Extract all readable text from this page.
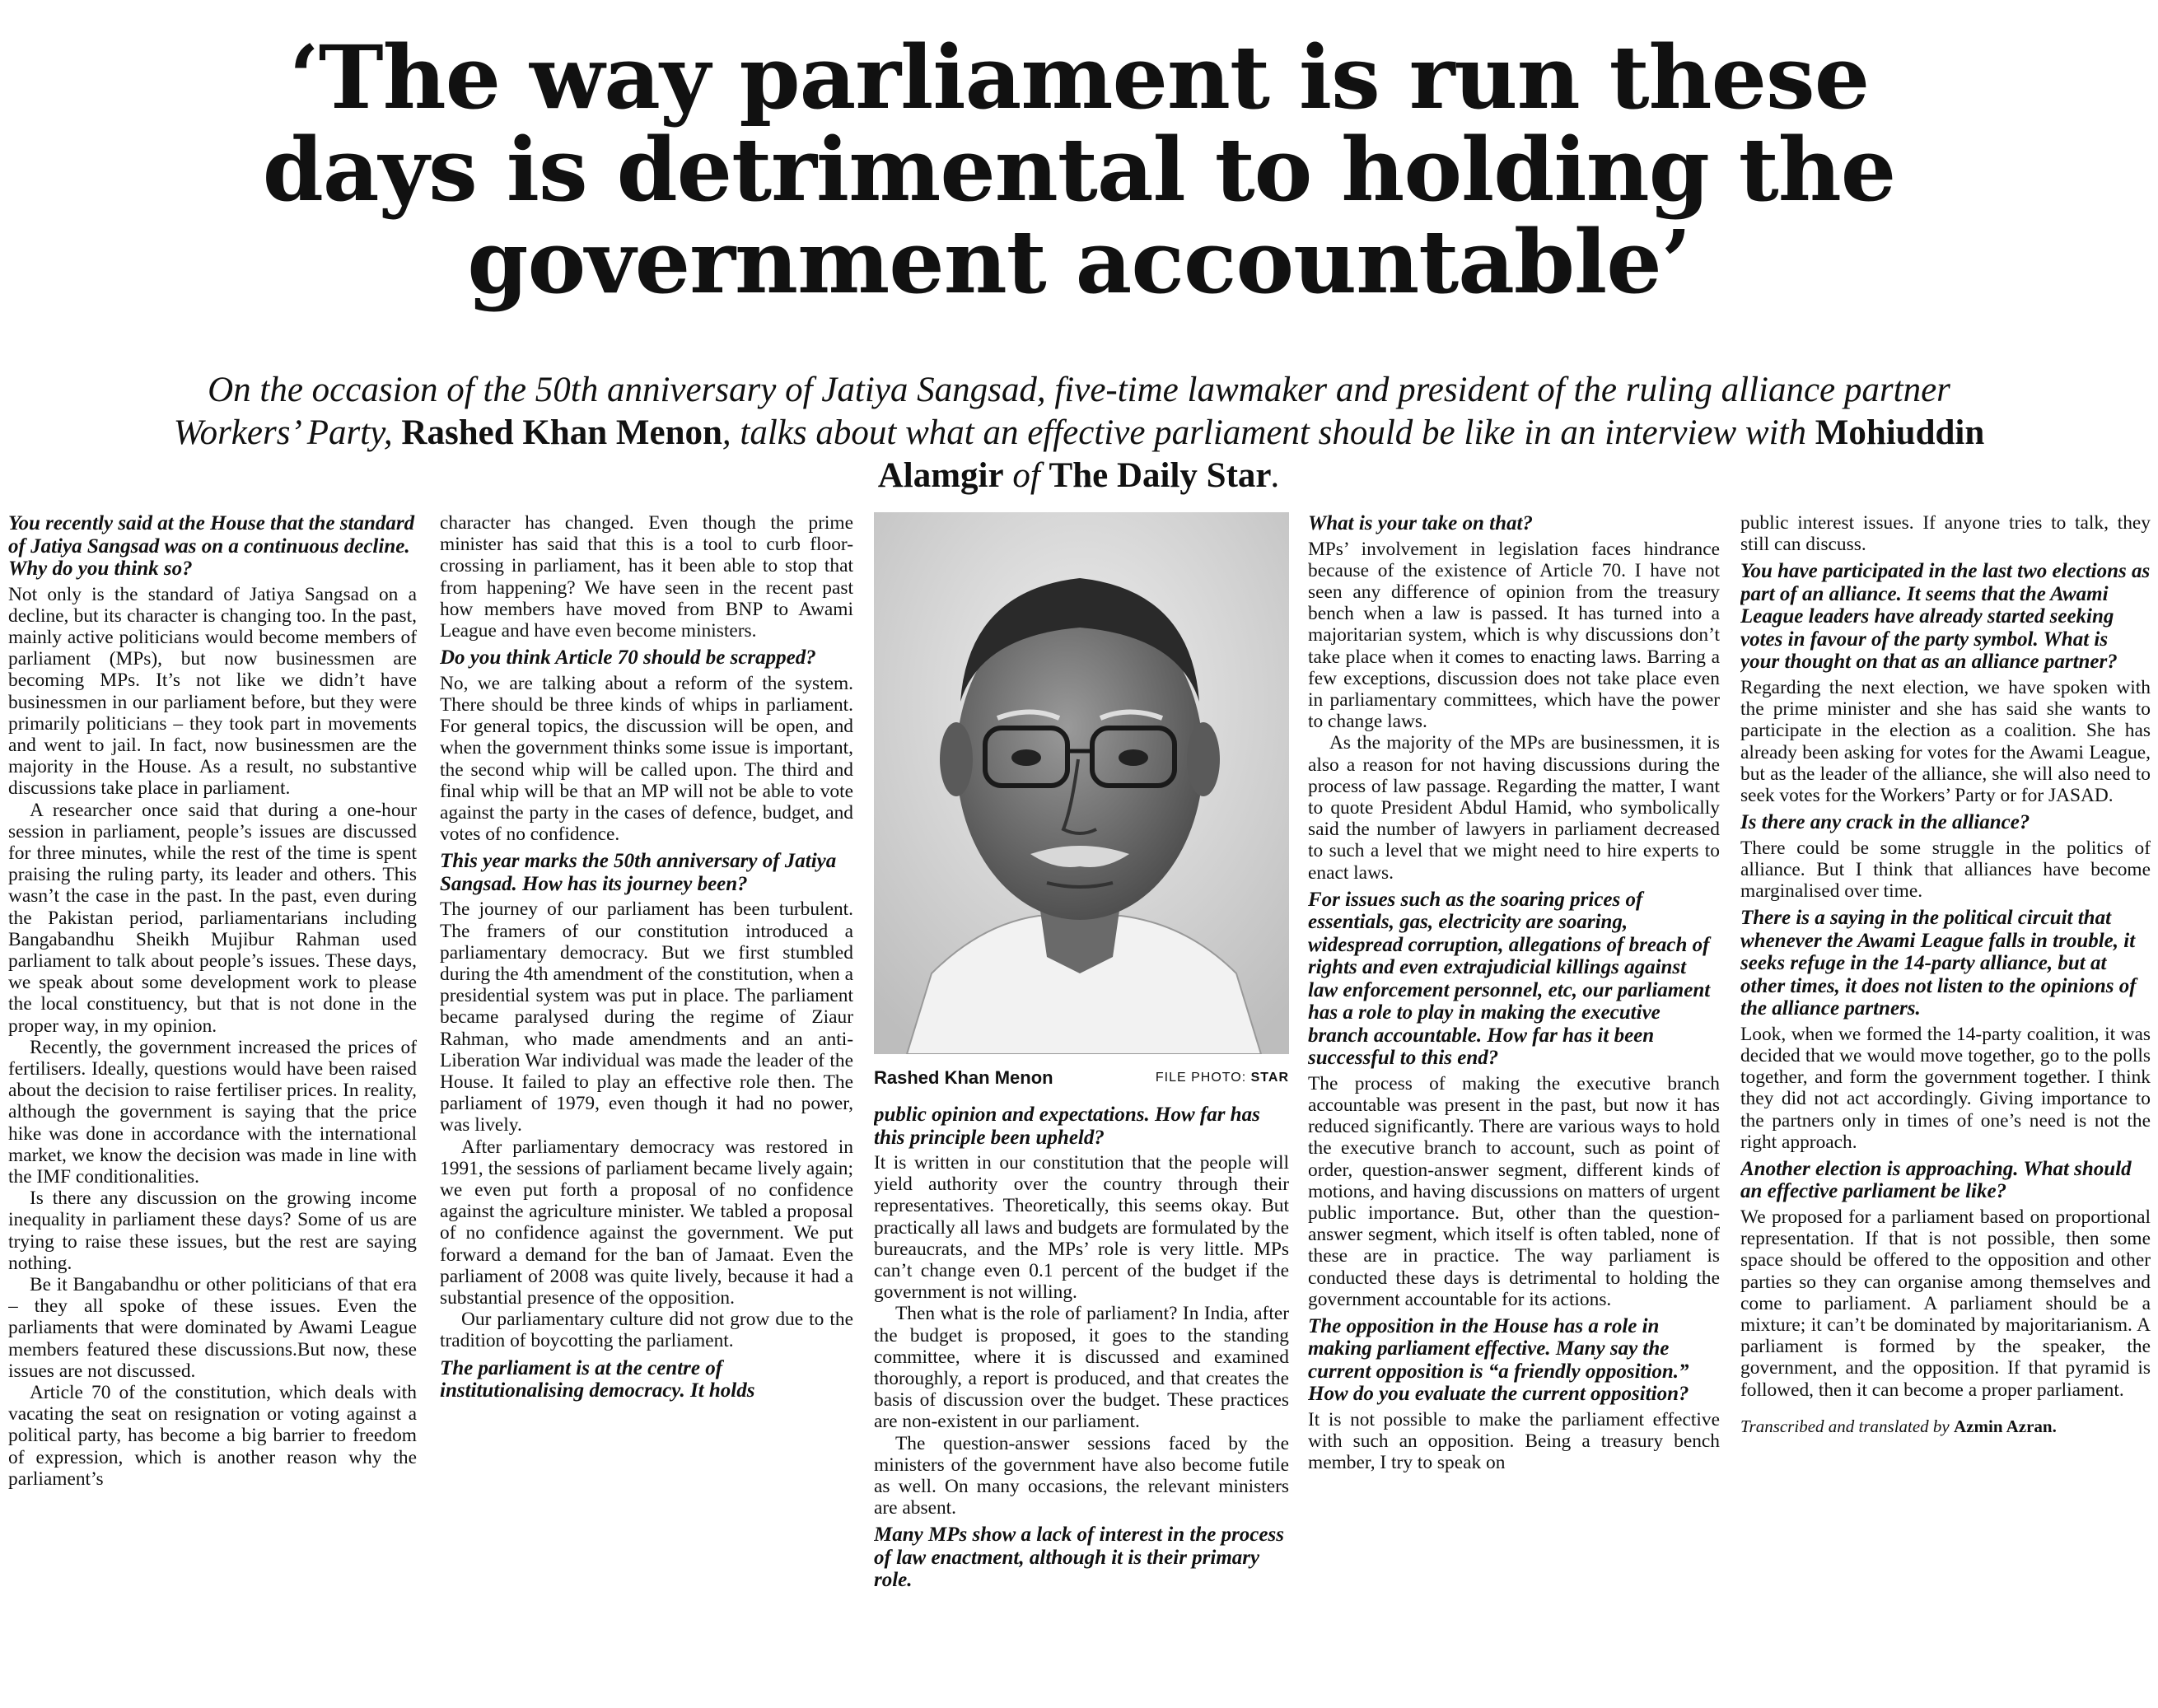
‘The way parliament is run these
days is detrimental to holding the
government accountable’
On the occasion of the 50th anniversary of Jatiya Sangsad, five-time lawmaker and president of the ruling alliance partner Workers’ Party, Rashed Khan Menon, talks about what an effective parliament should be like in an interview with Mohiuddin Alamgir of The Daily Star.
You recently said at the House that the standard of Jatiya Sangsad was on a continuous decline. Why do you think so?

Not only is the standard of Jatiya Sangsad on a decline, but its character is changing too. In the past, mainly active politicians would become members of parliament (MPs), but now businessmen are becoming MPs. It’s not like we didn’t have businessmen in our parliament before, but they were primarily politicians – they took part in movements and went to jail. In fact, now businessmen are the majority in the House. As a result, no substantive discussions take place in parliament.

A researcher once said that during a one-hour session in parliament, people’s issues are discussed for three minutes, while the rest of the time is spent praising the ruling party, its leader and others. This wasn’t the case in the past. In the past, even during the Pakistan period, parliamentarians including Bangabandhu Sheikh Mujibur Rahman used parliament to talk about people’s issues. These days, we speak about some development work to please the local constituency, but that is not done in the proper way, in my opinion.

Recently, the government increased the prices of fertilisers. Ideally, questions would have been raised about the decision to raise fertiliser prices. In reality, although the government is saying that the price hike was done in accordance with the international market, we know the decision was made in line with the IMF conditionalities.

Is there any discussion on the growing income inequality in parliament these days? Some of us are trying to raise these issues, but the rest are saying nothing.

Be it Bangabandhu or other politicians of that era – they all spoke of these issues. Even the parliaments that were dominated by Awami League members featured these discussions.But now, these issues are not discussed.

Article 70 of the constitution, which deals with vacating the seat on resignation or voting against a political party, has become a big barrier to freedom of expression, which is another reason why the parliament’s

character has changed. Even though the prime minister has said that this is a tool to curb floor-crossing in parliament, has it been able to stop that from happening? We have seen in the recent past how members have moved from BNP to Awami League and have even become ministers.

Do you think Article 70 should be scrapped?

No, we are talking about a reform of the system. There should be three kinds of whips in parliament. For general topics, the discussion will be open, and when the government thinks some issue is important, the second whip will be called upon. The third and final whip will be that an MP will not be able to vote against the party in the cases of defence, budget, and votes of no confidence.

This year marks the 50th anniversary of Jatiya Sangsad. How has its journey been?

The journey of our parliament has been turbulent. The framers of our constitution introduced a parliamentary democracy. But we first stumbled during the 4th amendment of the constitution, when a presidential system was put in place. The parliament became paralysed during the regime of Ziaur Rahman, who made amendments and an anti-Liberation War individual was made the leader of the House. It failed to play an effective role then. The parliament of 1979, even though it had no power, was lively.

After parliamentary democracy was restored in 1991, the sessions of parliament became lively again; we even put forth a proposal of no confidence against the agriculture minister. We tabled a proposal of no confidence against the government. We put forward a demand for the ban of Jamaat. Even the parliament of 2008 was quite lively, because it had a substantial presence of the opposition.

Our parliamentary culture did not grow due to the tradition of boycotting the parliament.

The parliament is at the centre of institutionalising democracy. It holds
Rashed Khan Menon	FILE PHOTO: STAR
public opinion and expectations. How far has this principle been upheld?

It is written in our constitution that the people will yield authority over the country through their representatives. Theoretically, this seems okay. But practically all laws and budgets are formulated by the bureaucrats, and the MPs’ role is very little. MPs can’t change even 0.1 percent of the budget if the government is not willing.

Then what is the role of parliament? In India, after the budget is proposed, it goes to the standing committee, where it is discussed and examined thoroughly, a report is produced, and that creates the basis of discussion over the budget. These practices are non-existent in our parliament.

The question-answer sessions faced by the ministers of the government have also become futile as well. On many occasions, the relevant ministers are absent.

Many MPs show a lack of interest in the process of law enactment, although it is their primary role.
What is your take on that?

MPs’ involvement in legislation faces hindrance because of the existence of Article 70. I have not seen any difference of opinion from the treasury bench when a law is passed. It has turned into a majoritarian system, which is why discussions don’t take place when it comes to enacting laws. Barring a few exceptions, discussion does not take place even in parliamentary committees, which have the power to change laws.

As the majority of the MPs are businessmen, it is also a reason for not having discussions during the process of law passage. Regarding the matter, I want to quote President Abdul Hamid, who symbolically said the number of lawyers in parliament decreased to such a level that we might need to hire experts to enact laws.

For issues such as the soaring prices of essentials, gas, electricity are soaring, widespread corruption, allegations of breach of rights and even extrajudicial killings against law enforcement personnel, etc, our parliament has a role to play in making the executive branch accountable. How far has it been successful to this end?

The process of making the executive branch accountable was present in the past, but now it has reduced significantly. There are various ways to hold the executive branch to account, such as point of order, question-answer segment, different kinds of motions, and having discussions on matters of urgent public importance. But, other than the question-answer segment, which itself is often tabled, none of these are in practice. The way parliament is conducted these days is detrimental to holding the government accountable for its actions.

The opposition in the House has a role in making parliament effective. Many say the current opposition is “a friendly opposition.” How do you evaluate the current opposition?

It is not possible to make the parliament effective with such an opposition. Being a treasury bench member, I try to speak on

public interest issues. If anyone tries to talk, they still can discuss.

You have participated in the last two elections as part of an alliance. It seems that the Awami League leaders have already started seeking votes in favour of the party symbol. What is your thought on that as an alliance partner?

Regarding the next election, we have spoken with the prime minister and she has said she wants to participate in the election as a coalition. She has already been asking for votes for the Awami League, but as the leader of the alliance, she will also need to seek votes for the Workers’ Party or for JASAD.

Is there any crack in the alliance?

There could be some struggle in the politics of alliance. But I think that alliances have become marginalised over time.

There is a saying in the political circuit that whenever the Awami League falls in trouble, it seeks refuge in the 14-party alliance, but at other times, it does not listen to the opinions of the alliance partners.

Look, when we formed the 14-party coalition, it was decided that we would move together, go to the polls together, and form the government together. I think they did not act accordingly. Giving importance to the partners only in times of one’s need is not the right approach.

Another election is approaching. What should an effective parliament be like?

We proposed for a parliament based on proportional representation. If that is not possible, then some space should be offered to the opposition and other parties so they can organise among themselves and come to parliament. A parliament should be a mixture; it can’t be dominated by majoritarianism. A parliament is formed by the speaker, the government, and the opposition. If that pyramid is followed, then it can become a proper parliament.

Transcribed and translated by Azmin Azran.
